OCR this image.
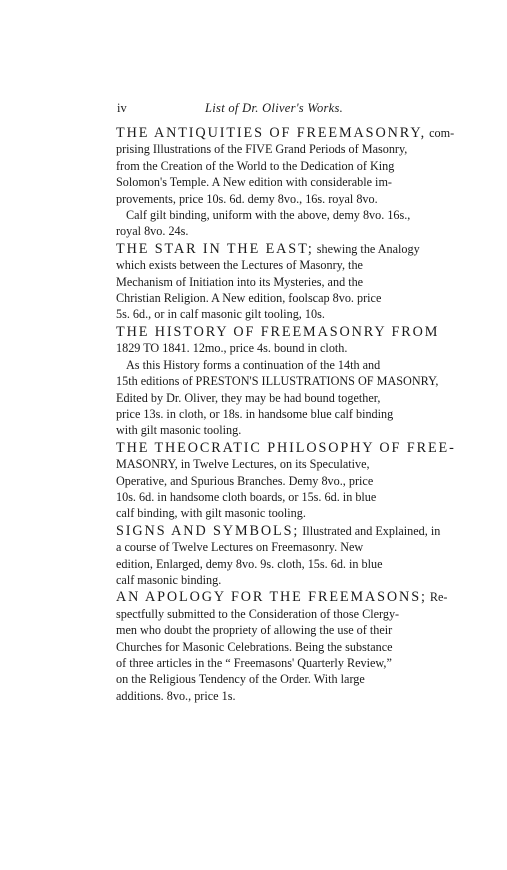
iv	List of Dr. Oliver's Works.
THE ANTIQUITIES OF FREEMASONRY, com-
prising Illustrations of the FIVE Grand Periods of Masonry,
from the Creation of the World to the Dedication of King
Solomon's Temple. A New edition with considerable im-
provements, price 10s. 6d. demy 8vo., 16s. royal 8vo.
Calf gilt binding, uniform with the above, demy 8vo. 16s.,
royal 8vo. 24s.
THE STAR IN THE EAST; shewing the Analogy
which exists between the Lectures of Masonry, the
Mechanism of Initiation into its Mysteries, and the
Christian Religion. A New edition, foolscap 8vo. price
5s. 6d., or in calf masonic gilt tooling, 10s.
THE HISTORY OF FREEMASONRY FROM
1829 TO 1841. 12mo., price 4s. bound in cloth.
As this History forms a continuation of the 14th and
15th editions of PRESTON'S ILLUSTRATIONS OF MASONRY,
Edited by Dr. Oliver, they may be had bound together,
price 13s. in cloth, or 18s. in handsome blue calf binding
with gilt masonic tooling.
THE THEOCRATIC PHILOSOPHY OF FREE-
MASONRY, in Twelve Lectures, on its Speculative,
Operative, and Spurious Branches. Demy 8vo., price
10s. 6d. in handsome cloth boards, or 15s. 6d. in blue
calf binding, with gilt masonic tooling.
SIGNS AND SYMBOLS; Illustrated and Explained, in
a course of Twelve Lectures on Freemasonry. New
edition, Enlarged, demy 8vo. 9s. cloth, 15s. 6d. in blue
calf masonic binding.
AN APOLOGY FOR THE FREEMASONS; Re-
spectfully submitted to the Consideration of those Clergy-
men who doubt the propriety of allowing the use of their
Churches for Masonic Celebrations. Being the substance
of three articles in the “ Freemasons' Quarterly Review,”
on the Religious Tendency of the Order. With large
additions. 8vo., price 1s.
